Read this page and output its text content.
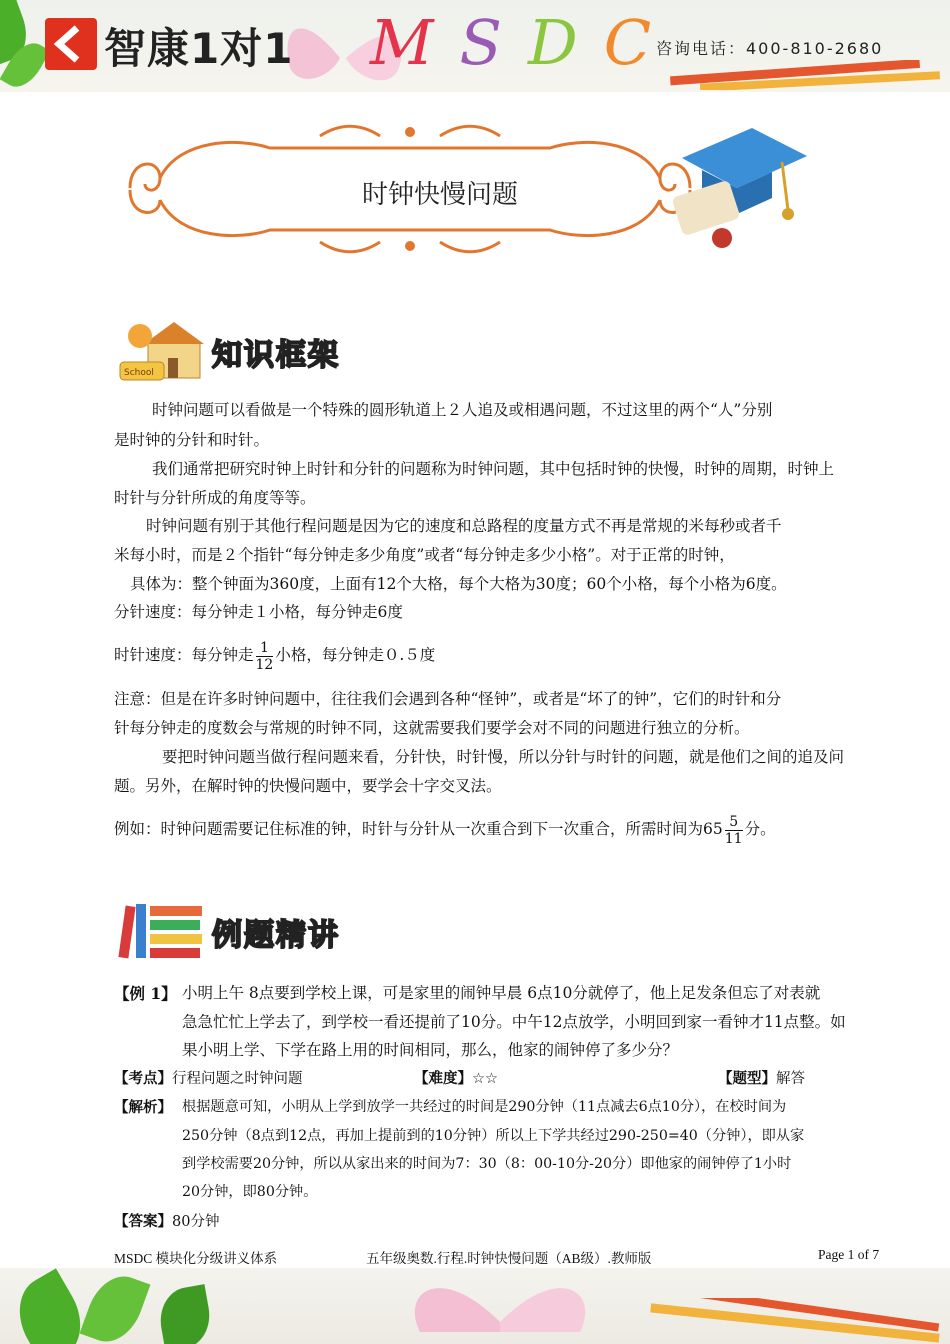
智康1对1 MSDC
咨询电话：400-810-2680
时钟快慢问题
School 知识框架
时钟问题可以看做是一个特殊的圆形轨道上２人追及或相遇问题，不过这里的两个“人”分别
是时钟的分针和时针。
我们通常把研究时钟上时针和分针的问题称为时钟问题，其中包括时钟的快慢，时钟的周期，时钟上
时针与分针所成的角度等等。
时钟问题有别于其他行程问题是因为它的速度和总路程的度量方式不再是常规的米每秒或者千
米每小时，而是２个指针“每分钟走多少角度”或者“每分钟走多少小格”。对于正常的时钟，
具体为：整个钟面为360度，上面有12个大格，每个大格为30度；60个小格，每个小格为6度。
分针速度：每分钟走１小格，每分钟走6度
时针速度：每分钟走 $\frac{1}{12}$ 小格，每分钟走０.５度
注意：但是在许多时钟问题中，往往我们会遇到各种“怪钟”，或者是“坏了的钟”，它们的时针和分
针每分钟走的度数会与常规的时钟不同，这就需要我们要学会对不同的问题进行独立的分析。
要把时钟问题当做行程问题来看，分针快，时针慢，所以分针与时针的问题，就是他们之间的追及问
题。另外，在解时钟的快慢问题中，要学会十字交叉法。
例如：时钟问题需要记住标准的钟，时针与分针从一次重合到下一次重合，所需时间为$65 \frac{5}{11}$ 分。
例题精讲
【例 1】 小明上午 8点要到学校上课，可是家里的闹钟早晨 6点10分就停了，他上足发条但忘了对表就
急急忙忙上学去了，到学校一看还提前了10分。中午12点放学，小明回到家一看钟才11点整。如
果小明上学、下学在路上用的时间相同，那么，他家的闹钟停了多少分？
【考点】行程问题之时钟问题	【难度】☆☆	【题型】解答
【解析】 根据题意可知，小明从上学到放学一共经过的时间是290分钟（11点减去6点10分），在校时间为
250分钟（8点到12点，再加上提前到的10分钟）所以上下学共经过290-250=40（分钟），即从家
到学校需要20分钟，所以从家出来的时间为7：30（8：00-10分-20分）即他家的闹钟停了1小时
20分钟，即80分钟。
【答案】80分钟
MSDC 模块化分级讲义体系	五年级奥数.行程.时钟快慢问题（AB级）.教师版	Page 1 of 7
